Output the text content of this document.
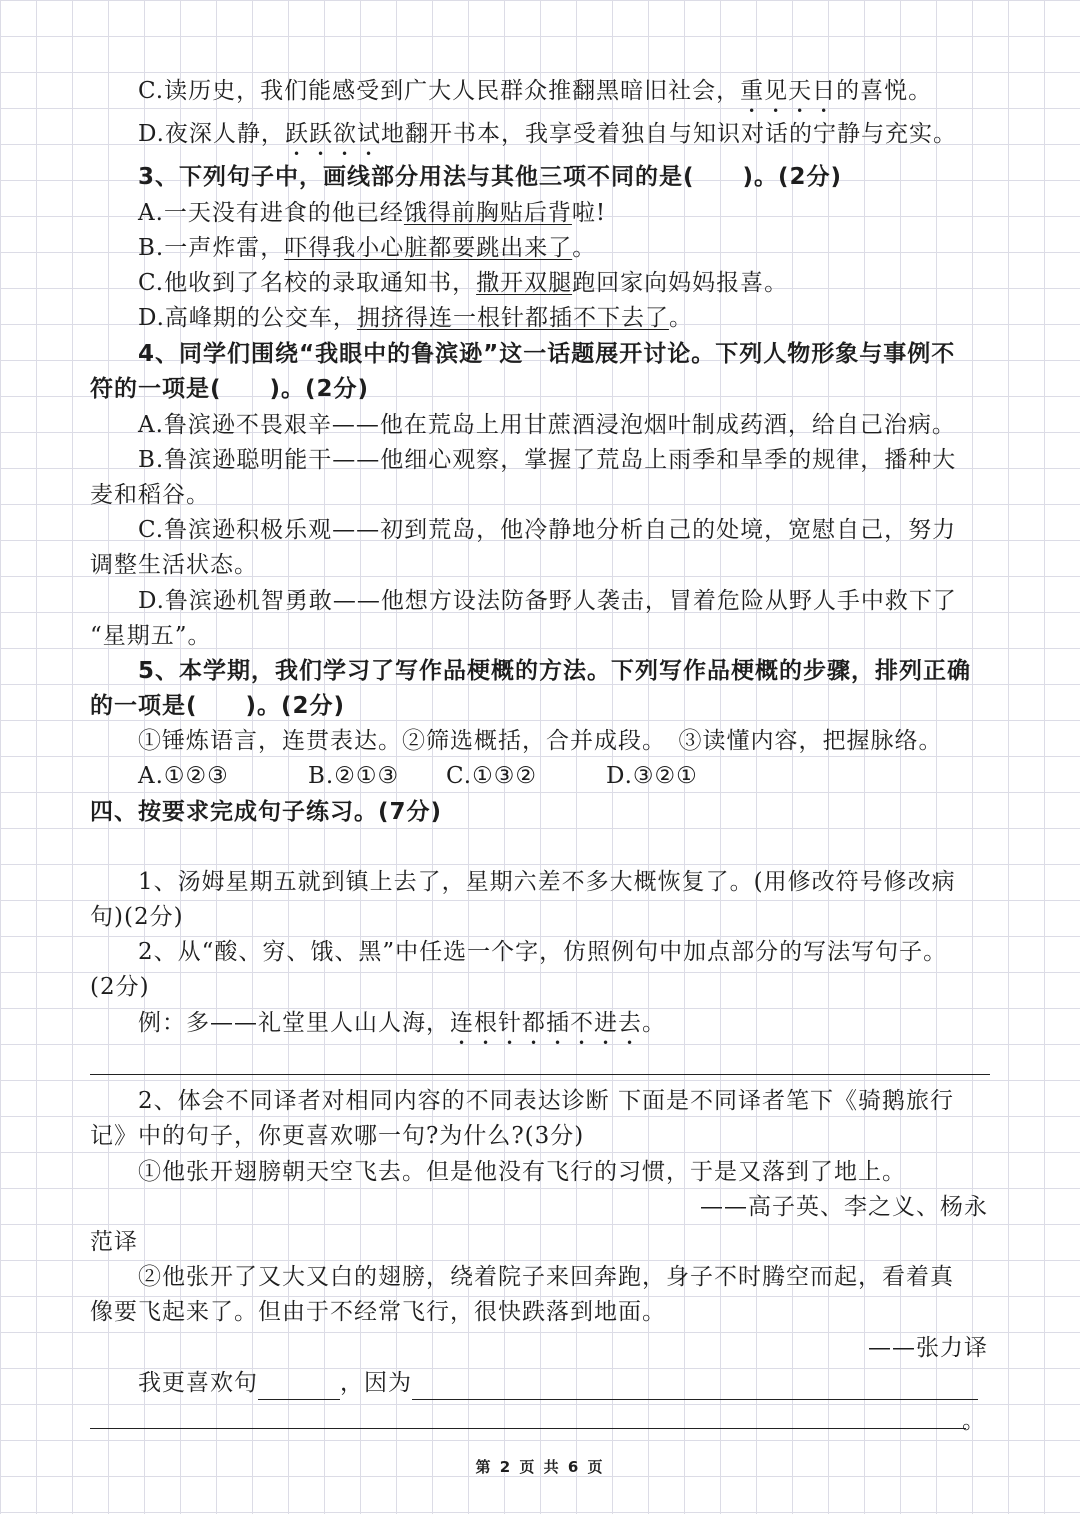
C.读历史，我们能感受到广大人民群众推翻黑暗旧社会，重见天日的喜悦。

D.夜深人静，跃跃欲试地翻开书本，我享受着独自与知识对话的宁静与充实。

3、下列句子中，画线部分用法与其他三项不同的是(　　)。(2分)

A.一天没有进食的他已经饿得前胸贴后背啦!

B.一声炸雷，吓得我小心脏都要跳出来了。

C.他收到了名校的录取通知书，撒开双腿跑回家向妈妈报喜。

D.高峰期的公交车，拥挤得连一根针都插不下去了。

4、同学们围绕“我眼中的鲁滨逊”这一话题展开讨论。下列人物形象与事例不

符的一项是(　　)。(2分)

A.鲁滨逊不畏艰辛——他在荒岛上用甘蔗酒浸泡烟叶制成药酒，给自己治病。

B.鲁滨逊聪明能干——他细心观察，掌握了荒岛上雨季和旱季的规律，播种大

麦和稻谷。

C.鲁滨逊积极乐观——初到荒岛，他冷静地分析自己的处境，宽慰自己，努力

调整生活状态。

D.鲁滨逊机智勇敢——他想方设法防备野人袭击，冒着危险从野人手中救下了

“星期五”。

5、本学期，我们学习了写作品梗概的方法。下列写作品梗概的步骤，排列正确

的一项是(　　)。(2分)

①锤炼语言，连贯表达。②筛选概括，合并成段。　③读懂内容，把握脉络。

A.①②③	B.②①③ C.①③②	D.③②①

四、按要求完成句子练习。(7分)

1、汤姆星期五就到镇上去了，星期六差不多大概恢复了。(用修改符号修改病

句)(2分)

2、从“酸、穷、饿、黑”中任选一个字，仿照例句中加点部分的写法写句子。

(2分)

例：多——礼堂里人山人海，连根针都插不进去。

2、体会不同译者对相同内容的不同表达诊断 下面是不同译者笔下《骑鹅旅行

记》中的句子，你更喜欢哪一句?为什么?(3分)

①他张开翅膀朝天空飞去。但是他没有飞行的习惯，于是又落到了地上。

——高子英、李之义、杨永

范译

②他张开了又大又白的翅膀，绕着院子来回奔跑，身子不时腾空而起，看着真

像要飞起来了。但由于不经常飞行，很快跌落到地面。

——张力译

我更喜欢句	，因为

。

第 2 页 共 6 页
